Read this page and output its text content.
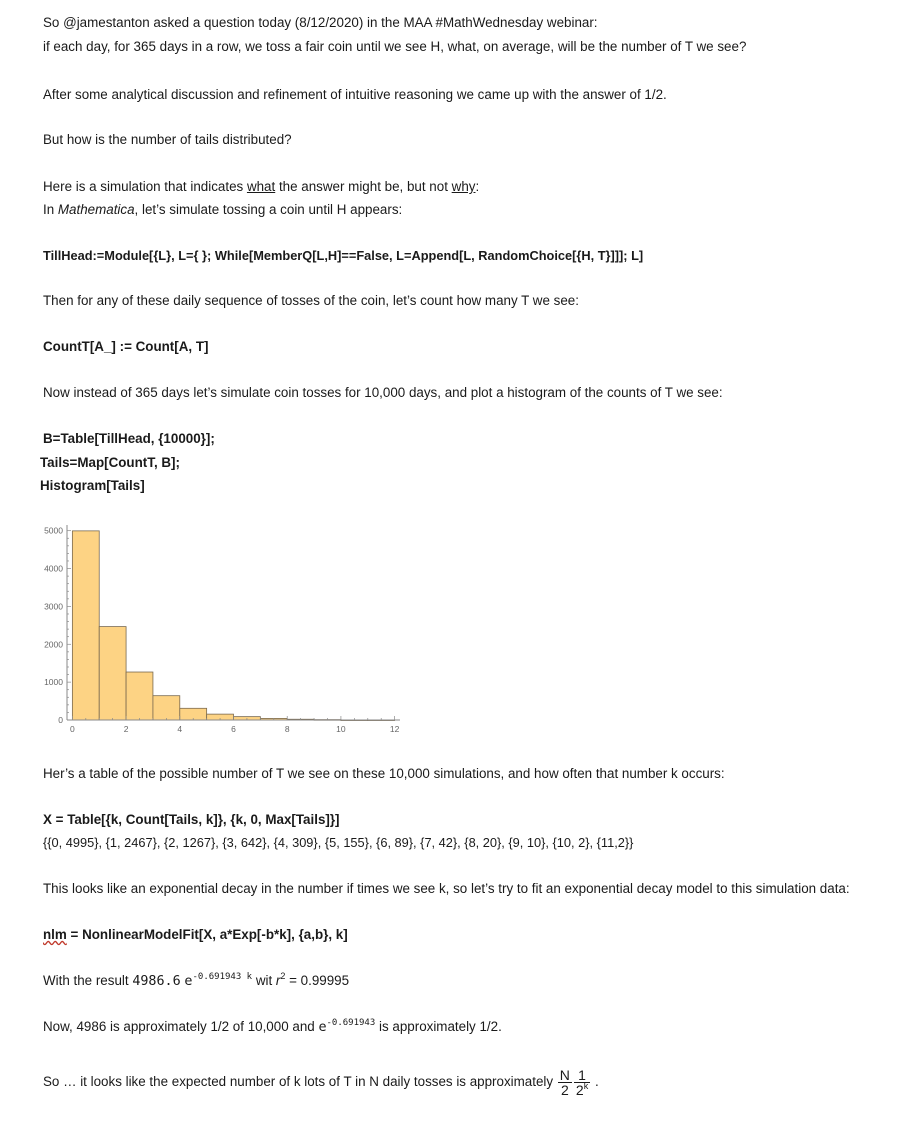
So @jamestanton asked a question today (8/12/2020) in the MAA #MathWednesday webinar:
if each day, for 365 days in a row, we toss a fair coin until we see H, what, on average, will be the number of T we see?
After some analytical discussion and refinement of intuitive reasoning we came up with the answer of 1/2.
But how is the number of tails distributed?
Here is a simulation that indicates what the answer might be, but not why:
In Mathematica, let’s simulate tossing a coin until H appears:
TillHead:=Module[{L}, L={ }; While[MemberQ[L,H]==False, L=Append[L, RandomChoice[{H, T}]]]; L]
Then for any of these daily sequence of tosses of the coin, let’s count how many T we see:
CountT[A_] := Count[A, T]
Now instead of 365 days let’s simulate coin tosses for 10,000 days, and plot a histogram of the counts of T we see:
B=Table[TillHead, {10000}];
Tails=Map[CountT, B];
Histogram[Tails]
0	2	4	6	8	10	12
0
1000
2000
3000
4000
5000
Her’s a table of the possible number of T we see on these 10,000 simulations, and how often that number k occurs:
X = Table[{k, Count[Tails, k]}, {k, 0, Max[Tails]}]
{{0, 4995}, {1, 2467}, {2, 1267}, {3, 642}, {4, 309}, {5, 155}, {6, 89}, {7, 42}, {8, 20}, {9, 10}, {10, 2}, {11,2}}
This looks like an exponential decay in the number if times we see k, so let’s try to fit an exponential decay model to this simulation data:
nlm = NonlinearModelFit[X, a*Exp[-b*k], {a,b}, k]
With the result 4986.6 $e^{-0.691943 k}$ wit $r^2 = 0.99995$
Now, 4986 is approximately 1/2 of 10,000 and $e^{-0.691943}$ is approximately 1/2.
So … it looks like the expected number of k lots of T in N daily tosses is approximately $\frac{N}{2} \frac{1}{2^k}$ .
